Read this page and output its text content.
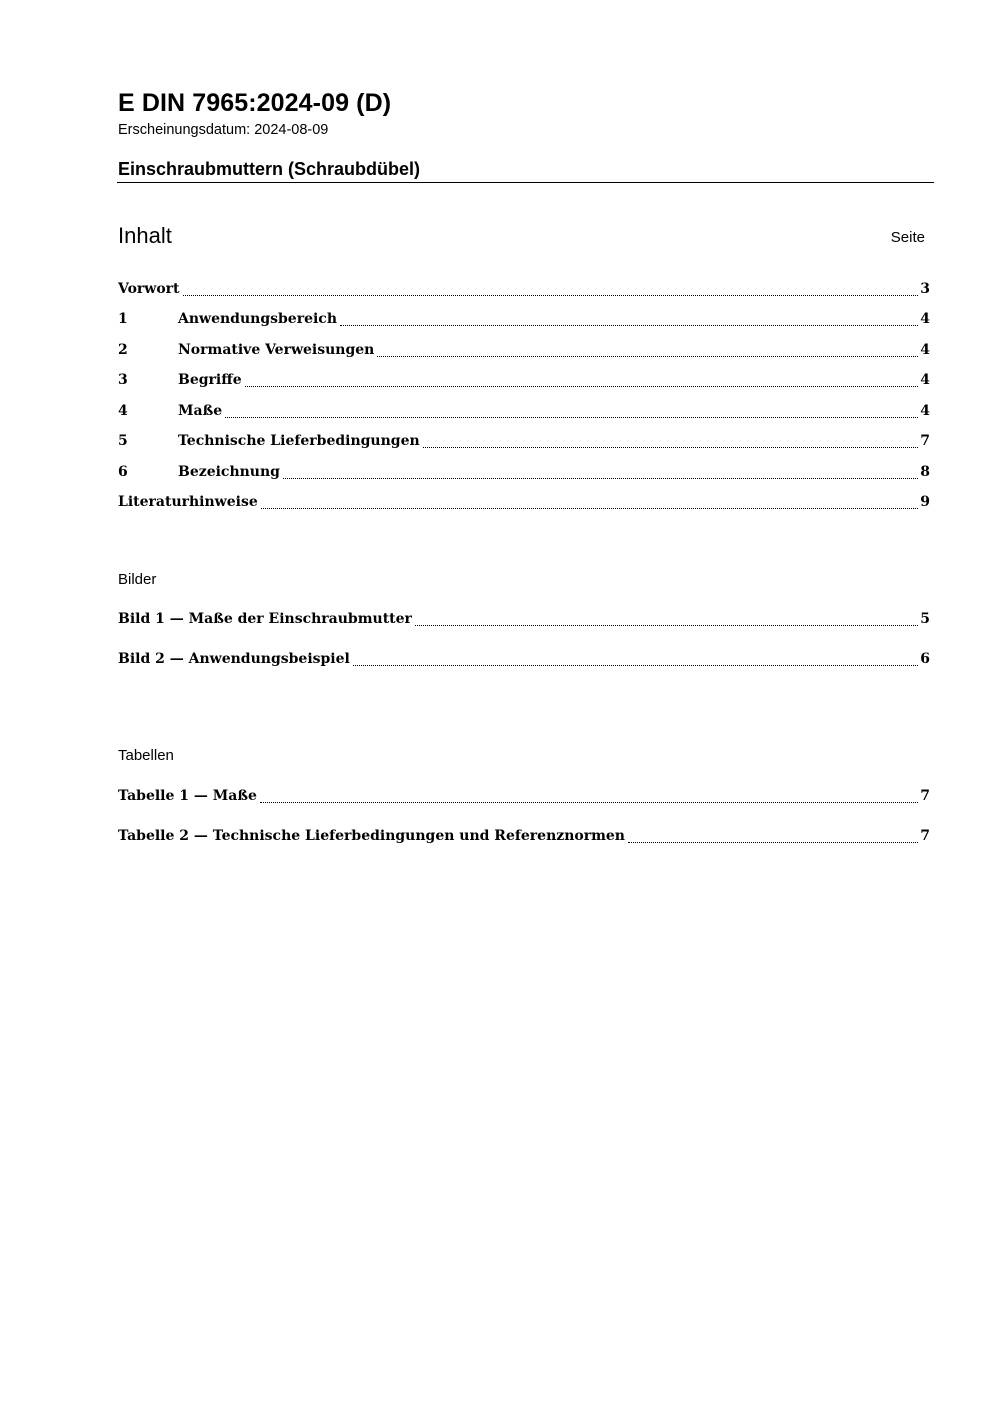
E DIN 7965:2024-09 (D)
Erscheinungsdatum: 2024-08-09
Einschraubmuttern (Schraubdübel)
Inhalt	Seite
Vorwort	3
1	Anwendungsbereich	4
2	Normative Verweisungen	4
3	Begriffe	4
4	Maße	4
5	Technische Lieferbedingungen	7
6	Bezeichnung	8
Literaturhinweise	9
Bilder
Bild 1 — Maße der Einschraubmutter	5
Bild 2 — Anwendungsbeispiel	6
Tabellen
Tabelle 1 — Maße	7
Tabelle 2 — Technische Lieferbedingungen und Referenznormen	7
